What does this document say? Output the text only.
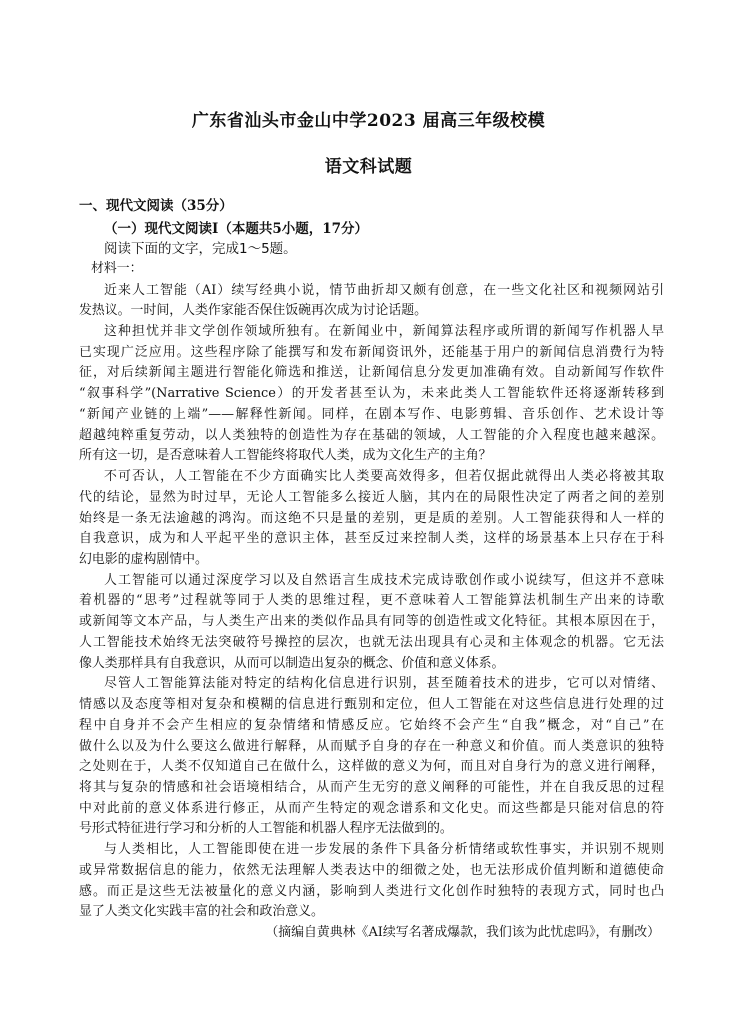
广东省汕头市金山中学2023 届高三年级校模
语文科试题
一、现代文阅读（35分）
（一）现代文阅读Ⅰ（本题共5小题，17分）
阅读下面的文字，完成1～5题。
材料一：
近来人工智能（AI）续写经典小说，情节曲折却又颇有创意，在一些文化社区和视频网站引
发热议。一时间，人类作家能否保住饭碗再次成为讨论话题。
这种担忧并非文学创作领域所独有。在新闻业中，新闻算法程序或所谓的新闻写作机器人早
已实现广泛应用。这些程序除了能撰写和发布新闻资讯外，还能基于用户的新闻信息消费行为特
征，对后续新闻主题进行智能化筛选和推送，让新闻信息分发更加准确有效。自动新闻写作软件
“叙事科学”(Narrative Science）的开发者甚至认为，未来此类人工智能软件还将逐渐转移到
“新闻产业链的上端”——解释性新闻。同样，在剧本写作、电影剪辑、音乐创作、艺术设计等
超越纯粹重复劳动，以人类独特的创造性为存在基础的领域，人工智能的介入程度也越来越深。
所有这一切，是否意味着人工智能终将取代人类，成为文化生产的主角？
不可否认，人工智能在不少方面确实比人类要高效得多，但若仅据此就得出人类必将被其取
代的结论，显然为时过早，无论人工智能多么接近人脑，其内在的局限性决定了两者之间的差别
始终是一条无法逾越的鸿沟。而这绝不只是量的差别，更是质的差别。人工智能获得和人一样的
自我意识，成为和人平起平坐的意识主体，甚至反过来控制人类，这样的场景基本上只存在于科
幻电影的虚构剧情中。
人工智能可以通过深度学习以及自然语言生成技术完成诗歌创作或小说续写，但这并不意味
着机器的“思考”过程就等同于人类的思维过程，更不意味着人工智能算法机制生产出来的诗歌
或新闻等文本产品，与人类生产出来的类似作品具有同等的创造性或文化特征。其根本原因在于，
人工智能技术始终无法突破符号操控的层次，也就无法出现具有心灵和主体观念的机器。它无法
像人类那样具有自我意识，从而可以制造出复杂的概念、价值和意义体系。
尽管人工智能算法能对特定的结构化信息进行识别，甚至随着技术的进步，它可以对情绪、
情感以及态度等相对复杂和模糊的信息进行甄别和定位，但人工智能在对这些信息进行处理的过
程中自身并不会产生相应的复杂情绪和情感反应。它始终不会产生“自我”概念，对“自己”在
做什么以及为什么要这么做进行解释，从而赋予自身的存在一种意义和价值。而人类意识的独特
之处则在于，人类不仅知道自己在做什么，这样做的意义为何，而且对自身行为的意义进行阐释，
将其与复杂的情感和社会语境相结合，从而产生无穷的意义阐释的可能性，并在自我反思的过程
中对此前的意义体系进行修正，从而产生特定的观念谱系和文化史。而这些都是只能对信息的符
号形式特征进行学习和分析的人工智能和机器人程序无法做到的。
与人类相比，人工智能即使在进一步发展的条件下具备分析情绪或软性事实，并识别不规则
或异常数据信息的能力，依然无法理解人类表达中的细微之处，也无法形成价值判断和道德使命
感。而正是这些无法被量化的意义内涵，影响到人类进行文化创作时独特的表现方式，同时也凸
显了人类文化实践丰富的社会和政治意义。
（摘编自黄典林《AI续写名著成爆款，我们该为此忧虑吗》，有删改）
